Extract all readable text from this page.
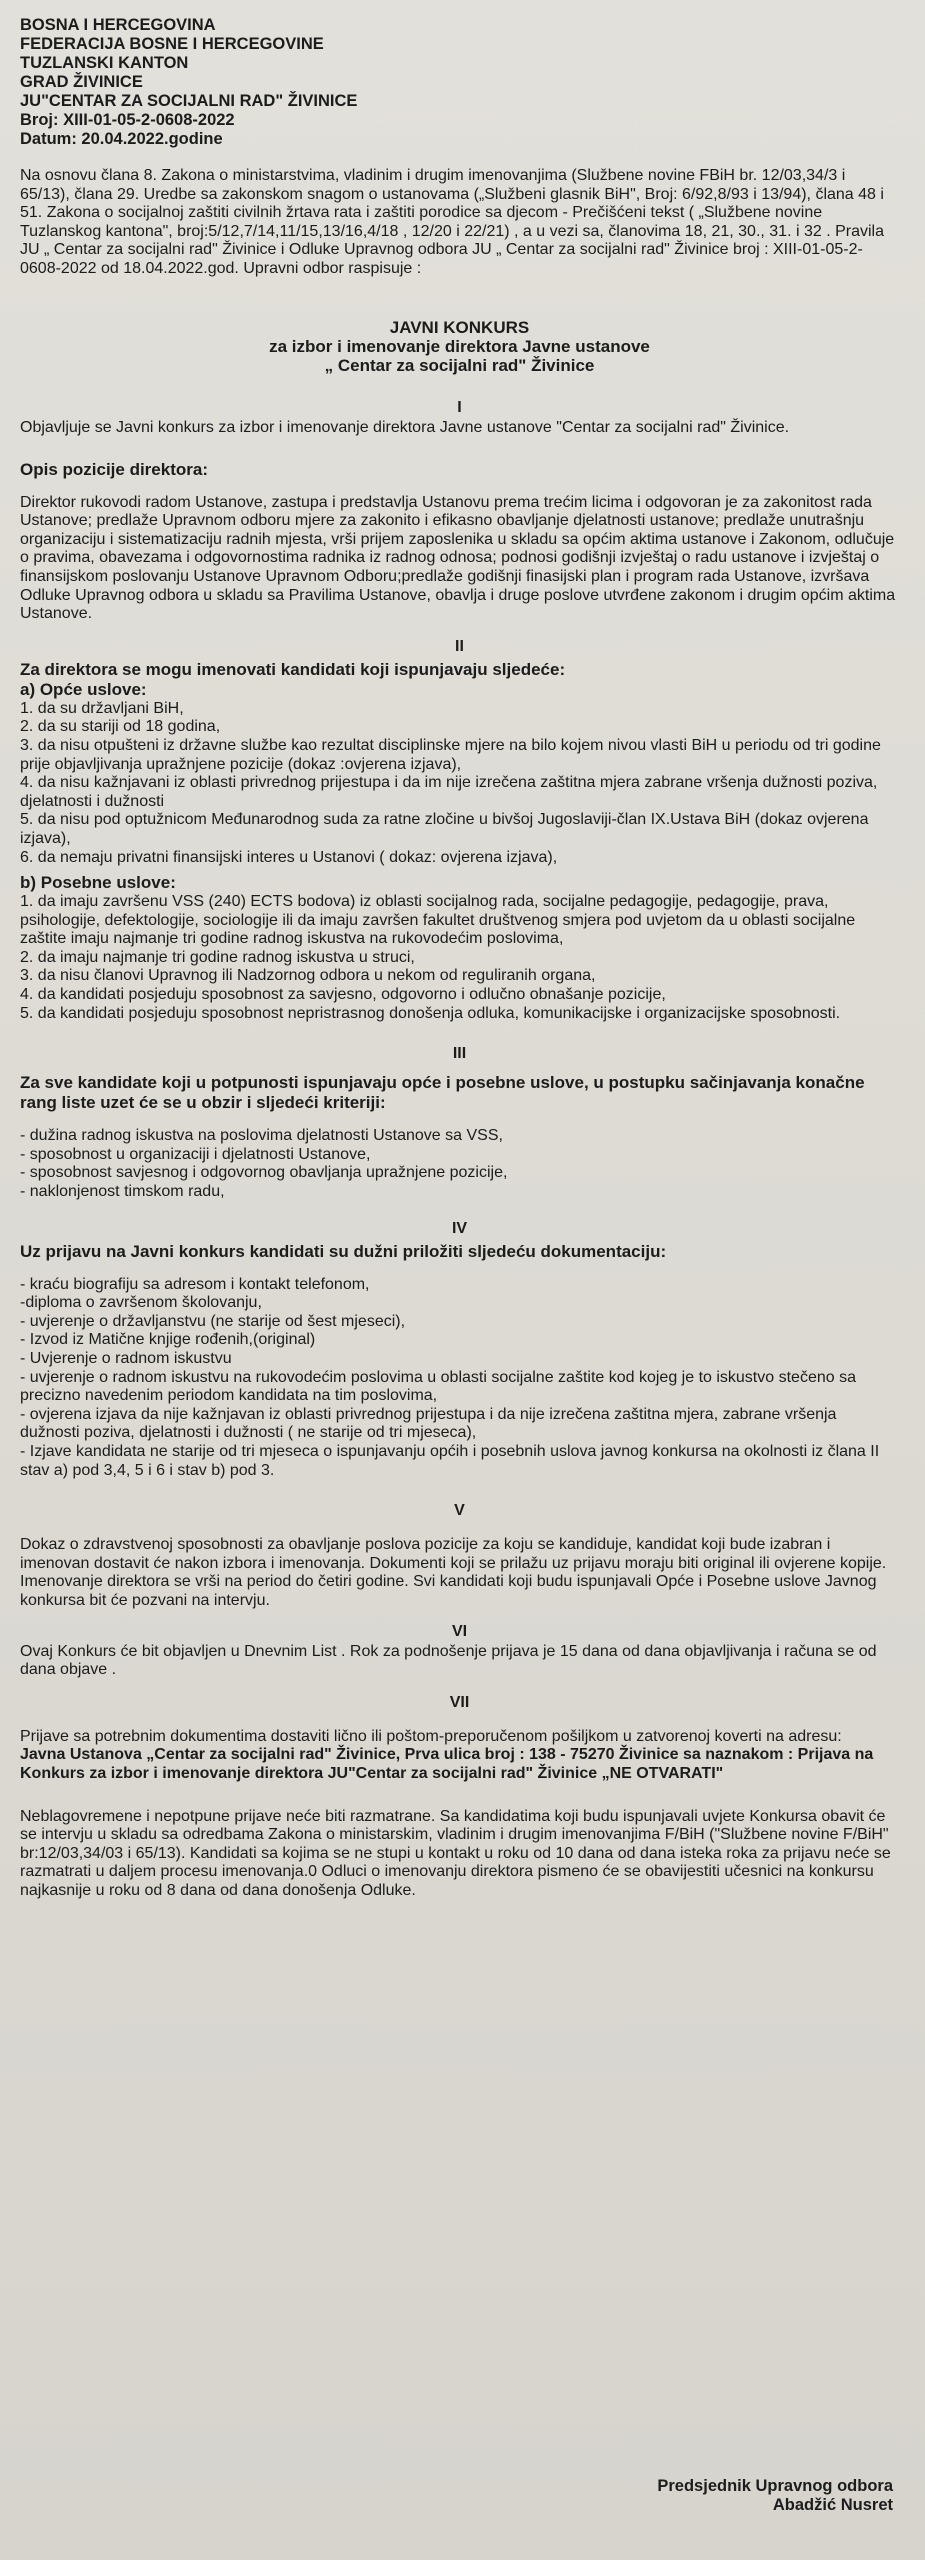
BOSNA I HERCEGOVINA
FEDERACIJA BOSNE I HERCEGOVINE
TUZLANSKI KANTON
GRAD ŽIVINICE
JU"CENTAR ZA SOCIJALNI RAD" ŽIVINICE
Broj: XIII-01-05-2-0608-2022
Datum: 20.04.2022.godine

Na osnovu člana 8. Zakona o ministarstvima, vladinim i drugim imenovanjima (Službene novine FBiH br. 12/03,34/3 i 65/13), člana 29. Uredbe sa zakonskom snagom o ustanovama („Službeni glasnik BiH", Broj: 6/92,8/93 i 13/94), člana 48 i 51. Zakona o socijalnoj zaštiti civilnih žrtava rata i zaštiti porodice sa djecom - Prečišćeni tekst ( „Službene novine Tuzlanskog kantona", broj:5/12,7/14,11/15,13/16,4/18 , 12/20 i 22/21) , a u vezi sa, članovima 18, 21, 30., 31. i 32 . Pravila JU „ Centar za socijalni rad" Živinice i Odluke Upravnog odbora JU „ Centar za socijalni rad" Živinice broj : XIII-01-05-2-0608-2022 od 18.04.2022.god. Upravni odbor raspisuje :

JAVNI KONKURS
za izbor i imenovanje direktora Javne ustanove
„ Centar za socijalni rad" Živinice
I

Objavljuje se Javni konkurs za izbor i imenovanje direktora Javne ustanove "Centar za socijalni rad" Živinice.

Opis pozicije direktora:

Direktor rukovodi radom Ustanove, zastupa i predstavlja Ustanovu prema trećim licima i odgovoran je za zakonitost rada Ustanove; predlaže Upravnom odboru mjere za zakonito i efikasno obavljanje djelatnosti ustanove; predlaže unutrašnju organizaciju i sistematizaciju radnih mjesta, vrši prijem zaposlenika u skladu sa općim aktima ustanove i Zakonom, odlučuje o pravima, obavezama i odgovornostima radnika iz radnog odnosa; podnosi godišnji izvještaj o radu ustanove i izvještaj o finansijskom poslovanju Ustanove Upravnom Odboru;predlaže godišnji finasijski plan i program rada Ustanove, izvršava Odluke Upravnog odbora u skladu sa Pravilima Ustanove, obavlja i druge poslove utvrđene zakonom i drugim općim aktima Ustanove.

II
Za direktora se mogu imenovati kandidati koji ispunjavaju sljedeće:
a) Opće uslove:
1. da su državljani BiH,
2. da su stariji od 18 godina,
3. da nisu otpušteni iz državne službe kao rezultat disciplinske mjere na bilo kojem nivou vlasti BiH u periodu od tri godine prije objavljivanja upražnjene pozicije (dokaz :ovjerena izjava),
4. da nisu kažnjavani iz oblasti privrednog prijestupa i da im nije izrečena zaštitna mjera zabrane vršenja dužnosti poziva, djelatnosti i dužnosti
5. da nisu pod optužnicom Međunarodnog suda za ratne zločine u bivšoj Jugoslaviji-član IX.Ustava BiH (dokaz ovjerena izjava),
6. da nemaju privatni finansijski interes u Ustanovi ( dokaz: ovjerena izjava),
b) Posebne uslove:
1. da imaju završenu VSS (240) ECTS bodova) iz oblasti socijalnog rada, socijalne pedagogije, pedagogije, prava, psihologije, defektologije, sociologije ili da imaju završen fakultet društvenog smjera pod uvjetom da u oblasti socijalne zaštite imaju najmanje tri godine radnog iskustva na rukovodećim poslovima,
2. da imaju najmanje tri godine radnog iskustva u struci,
3. da nisu članovi Upravnog ili Nadzornog odbora u nekom od reguliranih organa,
4. da kandidati posjeduju sposobnost za savjesno, odgovorno i odlučno obnašanje pozicije,
5. da kandidati posjeduju sposobnost nepristrasnog donošenja odluka, komunikacijske i organizacijske sposobnosti.
III
Za sve kandidate koji u potpunosti ispunjavaju opće i posebne uslove, u postupku sačinjavanja konačne rang liste uzet će se u obzir i sljedeći kriteriji:
- dužina radnog iskustva na poslovima djelatnosti Ustanove sa VSS,
- sposobnost u organizaciji i djelatnosti Ustanove,
- sposobnost savjesnog i odgovornog obavljanja upražnjene pozicije,
- naklonjenost timskom radu,
IV
Uz prijavu na Javni konkurs kandidati su dužni priložiti sljedeću dokumentaciju:
- kraću biografiju sa adresom i kontakt telefonom,
-diploma o završenom školovanju,
- uvjerenje o državljanstvu (ne starije od šest mjeseci),
- Izvod iz Matične knjige rođenih,(original)
- Uvjerenje o radnom iskustvu
- uvjerenje o radnom iskustvu na rukovodećim poslovima u oblasti socijalne zaštite kod kojeg je to iskustvo stečeno sa precizno navedenim periodom kandidata na tim poslovima,
- ovjerena izjava da nije kažnjavan iz oblasti privrednog prijestupa i da nije izrečena zaštitna mjera, zabrane vršenja dužnosti poziva, djelatnosti i dužnosti ( ne starije od tri mjeseca),
- Izjave kandidata ne starije od tri mjeseca o ispunjavanju općih i posebnih uslova javnog konkursa na okolnosti iz člana II stav a) pod 3,4, 5 i 6 i stav b) pod 3.
V

Dokaz o zdravstvenoj sposobnosti za obavljanje poslova pozicije za koju se kandiduje, kandidat koji bude izabran i imenovan dostavit će nakon izbora i imenovanja. Dokumenti koji se prilažu uz prijavu moraju biti original ili ovjerene kopije. Imenovanje direktora se vrši na period do četiri godine. Svi kandidati koji budu ispunjavali Opće i Posebne uslove Javnog konkursa bit će pozvani na intervju.

VI

Ovaj Konkurs će bit objavljen u Dnevnim List . Rok za podnošenje prijava je 15 dana od dana objavljivanja i računa se od dana objave .

VII

Prijave sa potrebnim dokumentima dostaviti lično ili poštom-preporučenom pošiljkom u zatvorenoj koverti na adresu:

Javna Ustanova „Centar za socijalni rad" Živinice, Prva ulica broj : 138 - 75270 Živinice sa naznakom : Prijava na Konkurs za izbor i imenovanje direktora JU"Centar za socijalni rad" Živinice „NE OTVARATI"

Neblagovremene i nepotpune prijave neće biti razmatrane. Sa kandidatima koji budu ispunjavali uvjete Konkursa obavit će se intervju u skladu sa odredbama Zakona o ministarskim, vladinim i drugim imenovanjima F/BiH ("Službene novine F/BiH" br:12/03,34/03 i 65/13). Kandidati sa kojima se ne stupi u kontakt u roku od 10 dana od dana isteka roka za prijavu neće se razmatrati u daljem procesu imenovanja.0 Odluci o imenovanju direktora pismeno će se obavijestiti učesnici na konkursu najkasnije u roku od 8 dana od dana donošenja Odluke.

Predsjednik Upravnog odbora
Abadžić Nusret
